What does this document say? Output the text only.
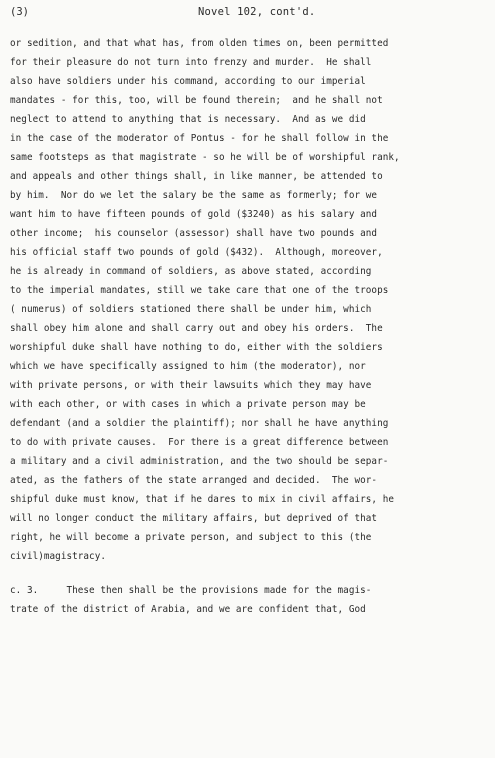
(3)	Novel 102, cont'd.
or sedition, and that what has, from olden times on, been permitted
for their pleasure do not turn into frenzy and murder.  He shall
also have soldiers under his command, according to our imperial
mandates - for this, too, will be found therein;  and he shall not
neglect to attend to anything that is necessary.  And as we did
in the case of the moderator of Pontus - for he shall follow in the
same footsteps as that magistrate - so he will be of worshipful rank,
and appeals and other things shall, in like manner, be attended to
by him.  Nor do we let the salary be the same as formerly; for we
want him to have fifteen pounds of gold ($3240) as his salary and
other income;  his counselor (assessor) shall have two pounds and
his official staff two pounds of gold ($432).  Although, moreover,
he is already in command of soldiers, as above stated, according
to the imperial mandates, still we take care that one of the troops
( numerus) of soldiers stationed there shall be under him, which
shall obey him alone and shall carry out and obey his orders.  The
worshipful duke shall have nothing to do, either with the soldiers
which we have specifically assigned to him (the moderator), nor
with private persons, or with their lawsuits which they may have
with each other, or with cases in which a private person may be
defendant (and a soldier the plaintiff); nor shall he have anything
to do with private causes.  For there is a great difference between
a military and a civil administration, and the two should be separ-
ated, as the fathers of the state arranged and decided.  The wor-
shipful duke must know, that if he dares to mix in civil affairs, he
will no longer conduct the military affairs, but deprived of that
right, he will become a private person, and subject to this (the
civil)magistracy.
c. 3.     These then shall be the provisions made for the magis-
trate of the district of Arabia, and we are confident that, God
